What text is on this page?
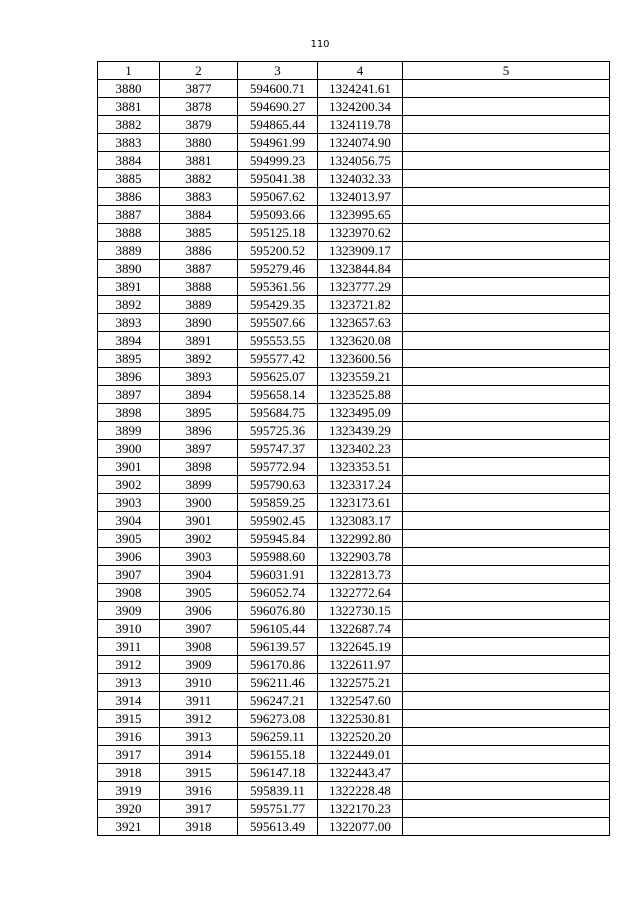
110
1	2	3	4	5
3880	3877	594600.71	1324241.61	
3881	3878	594690.27	1324200.34	
3882	3879	594865.44	1324119.78	
3883	3880	594961.99	1324074.90	
3884	3881	594999.23	1324056.75	
3885	3882	595041.38	1324032.33	
3886	3883	595067.62	1324013.97	
3887	3884	595093.66	1323995.65	
3888	3885	595125.18	1323970.62	
3889	3886	595200.52	1323909.17	
3890	3887	595279.46	1323844.84	
3891	3888	595361.56	1323777.29	
3892	3889	595429.35	1323721.82	
3893	3890	595507.66	1323657.63	
3894	3891	595553.55	1323620.08	
3895	3892	595577.42	1323600.56	
3896	3893	595625.07	1323559.21	
3897	3894	595658.14	1323525.88	
3898	3895	595684.75	1323495.09	
3899	3896	595725.36	1323439.29	
3900	3897	595747.37	1323402.23	
3901	3898	595772.94	1323353.51	
3902	3899	595790.63	1323317.24	
3903	3900	595859.25	1323173.61	
3904	3901	595902.45	1323083.17	
3905	3902	595945.84	1322992.80	
3906	3903	595988.60	1322903.78	
3907	3904	596031.91	1322813.73	
3908	3905	596052.74	1322772.64	
3909	3906	596076.80	1322730.15	
3910	3907	596105.44	1322687.74	
3911	3908	596139.57	1322645.19	
3912	3909	596170.86	1322611.97	
3913	3910	596211.46	1322575.21	
3914	3911	596247.21	1322547.60	
3915	3912	596273.08	1322530.81	
3916	3913	596259.11	1322520.20	
3917	3914	596155.18	1322449.01	
3918	3915	596147.18	1322443.47	
3919	3916	595839.11	1322228.48	
3920	3917	595751.77	1322170.23	
3921	3918	595613.49	1322077.00	
